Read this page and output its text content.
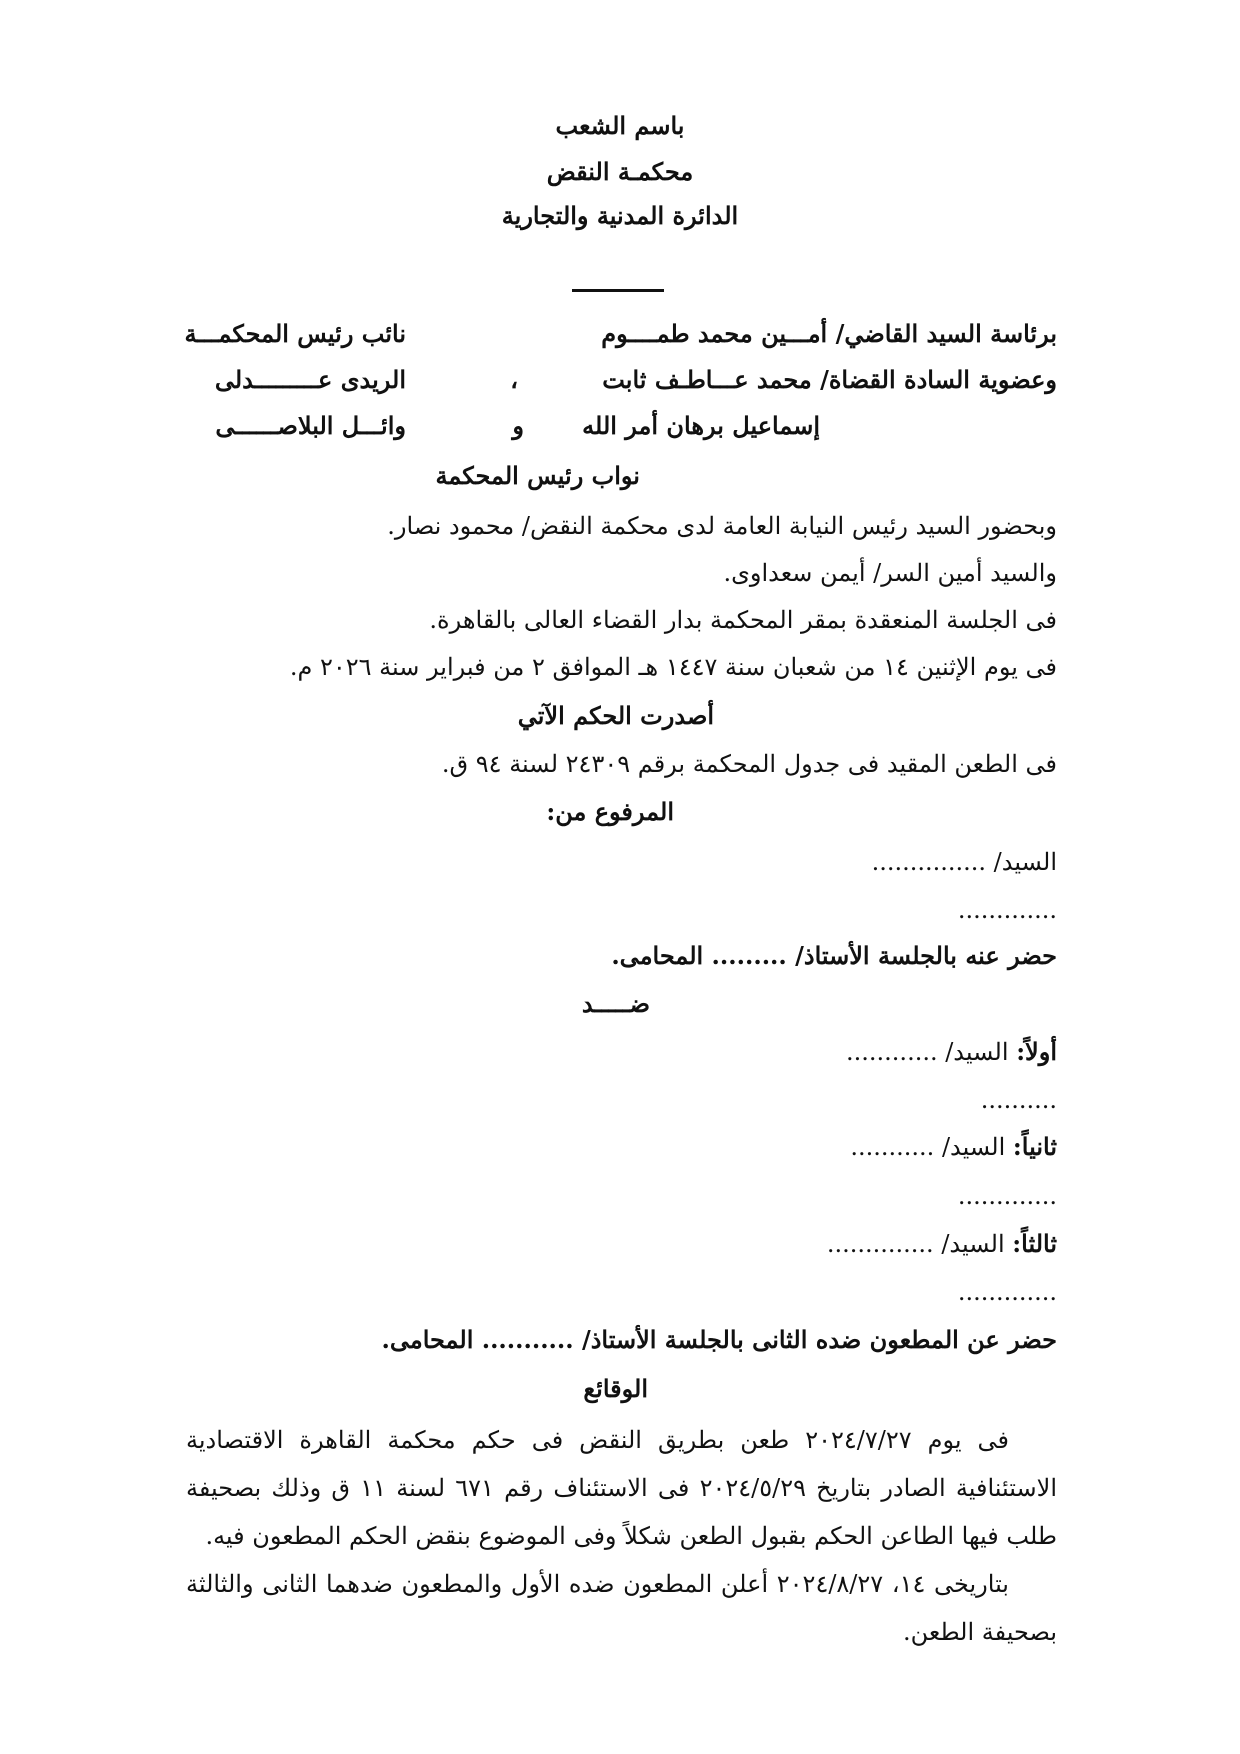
باسم الشعب
محكمـة النقض
الدائرة المدنية والتجارية
برئاسة السيد القاضي/ أمـــين محمد طمــــوم
نائب رئيس المحكمـــة
وعضوية السادة القضاة/ محمد عـــاطـف ثابت
،
الريدى عـــــــــدلى
إسماعيل برهان أمر الله
و
وائـــل البلاصــــــى
نواب رئيس المحكمة
وبحضور السيد رئيس النيابة العامة لدى محكمة النقض/ محمود نصار.
والسيد أمين السر/ أيمن سعداوى.
فى الجلسة المنعقدة بمقر المحكمة بدار القضاء العالى بالقاهرة.
فى يوم الإثنين ١٤ من شعبان سنة ١٤٤٧ هـ الموافق ٢ من فبراير سنة ٢٠٢٦ م.
أصدرت الحكم الآتي
فى الطعن المقيد فى جدول المحكمة برقم ٢٤٣٠٩ لسنة ٩٤ ق.
المرفوع من:
السيد/ ...............
.............
حضر عنه بالجلسة الأستاذ/ ......... المحامى.
ضـــــد
أولاً: السيد/ ............
..........
ثانياً: السيد/ ...........
.............
ثالثاً: السيد/ ..............
.............
حضر عن المطعون ضده الثانى بالجلسة الأستاذ/ ........... المحامى.
الوقائع
فى يوم ٢٠٢٤/٧/٢٧ طعن بطريق النقض فى حكم محكمة القاهرة الاقتصادية الاستئنافية الصادر بتاريخ ٢٠٢٤/٥/٢٩ فى الاستئناف رقم ٦٧١ لسنة ١١ ق وذلك بصحيفة طلب فيها الطاعن الحكم بقبول الطعن شكلاً وفى الموضوع بنقض الحكم المطعون فيه.
بتاريخى ١٤، ٢٠٢٤/٨/٢٧ أعلن المطعون ضده الأول والمطعون ضدهما الثانى والثالثة بصحيفة الطعن.
